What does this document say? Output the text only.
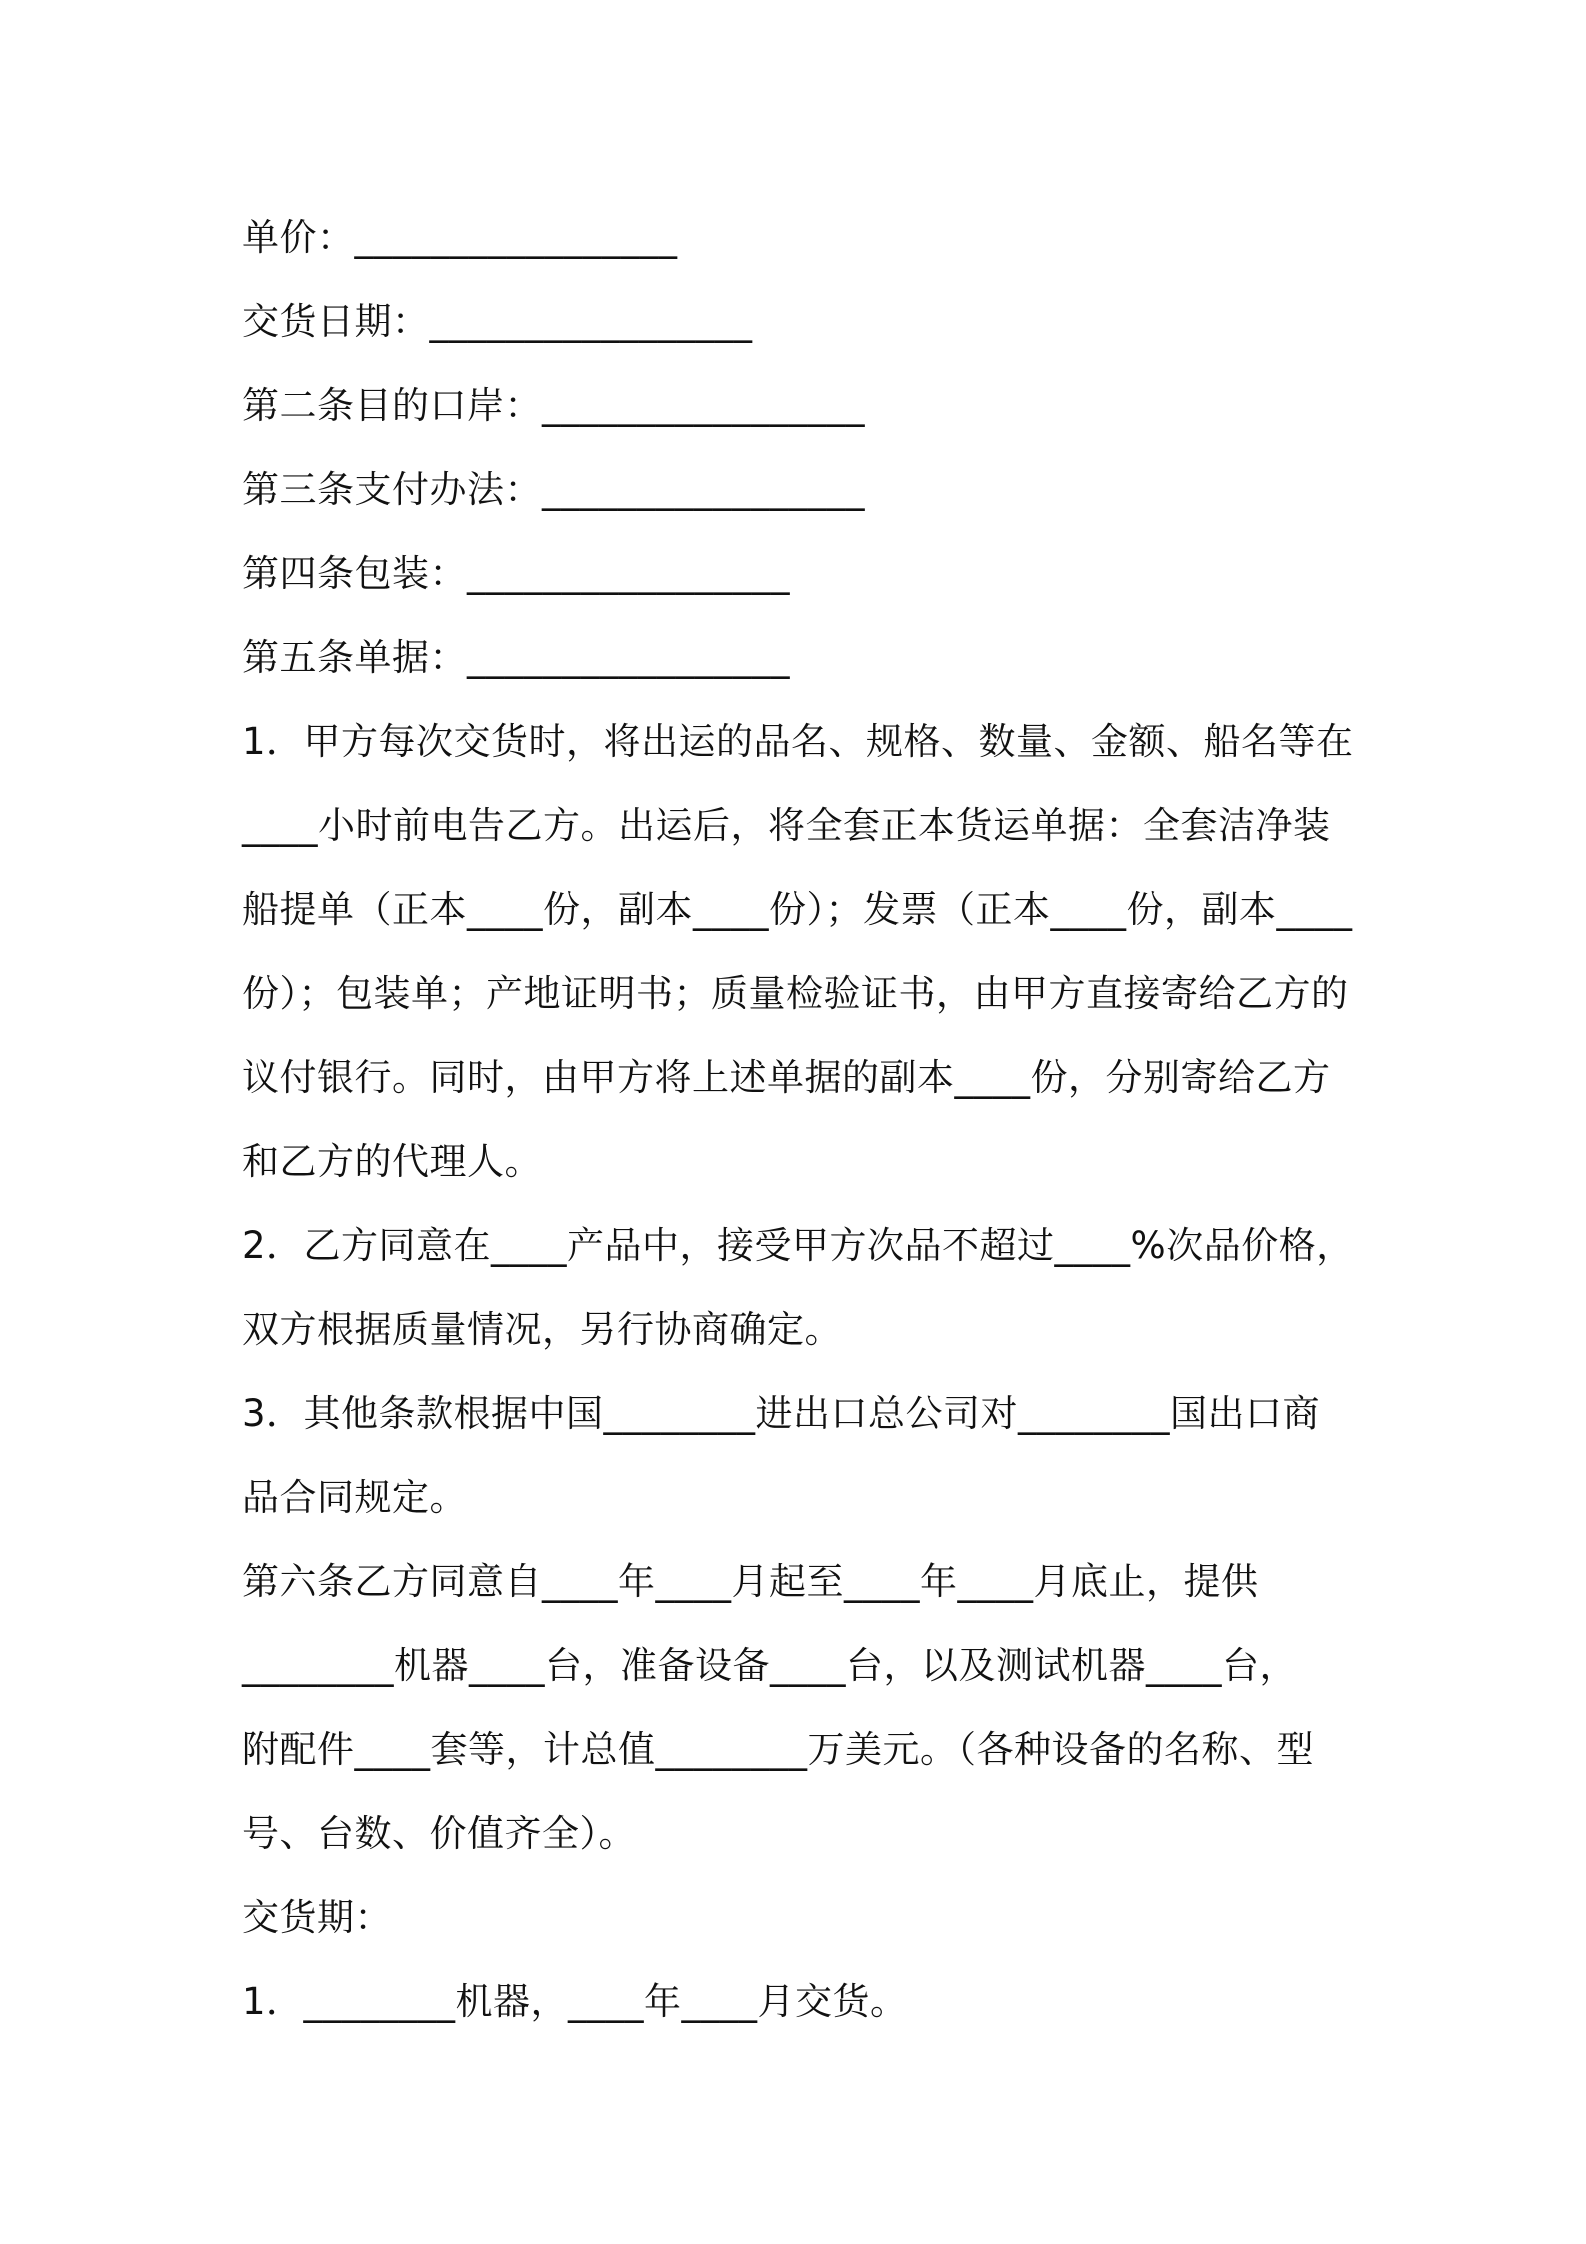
单价：_________________
交货日期：_________________
第二条目的口岸：_________________
第三条支付办法：_________________
第四条包装：_________________
第五条单据：_________________
1．甲方每次交货时，将出运的品名、规格、数量、金额、船名等在
____小时前电告乙方。出运后，将全套正本货运单据：全套洁净装
船提单（正本____份，副本____份）；发票（正本____份，副本____
份）；包装单；产地证明书；质量检验证书，由甲方直接寄给乙方的
议付银行。同时，由甲方将上述单据的副本____份，分别寄给乙方
和乙方的代理人。
2．乙方同意在____产品中，接受甲方次品不超过____%次品价格，
双方根据质量情况，另行协商确定。
3．其他条款根据中国________进出口总公司对________国出口商
品合同规定。
第六条乙方同意自____年____月起至____年____月底止，提供
________机器____台，准备设备____台，以及测试机器____台，
附配件____套等，计总值________万美元。（各种设备的名称、型
号、台数、价值齐全）。
交货期：
1．________机器，____年____月交货。
